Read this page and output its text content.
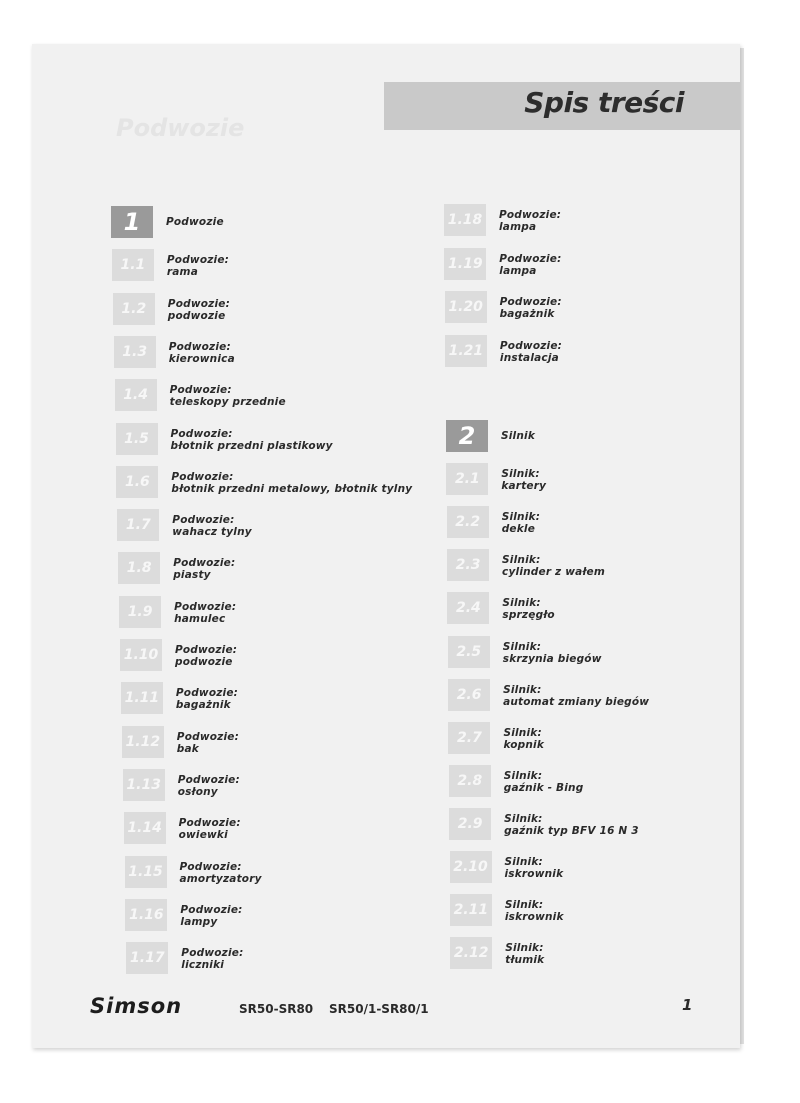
Podwozie
Spis treści
1	Podwozie
1.1	Podwozie:
rama
1.2	Podwozie:
podwozie
1.3	Podwozie:
kierownica
1.4	Podwozie:
teleskopy przednie
1.5	Podwozie:
błotnik przedni plastikowy
1.6	Podwozie:
błotnik przedni metalowy, błotnik tylny
1.7	Podwozie:
wahacz tylny
1.8	Podwozie:
piasty
1.9	Podwozie:
hamulec
1.10	Podwozie:
podwozie
1.11	Podwozie:
bagażnik
1.12	Podwozie:
bak
1.13	Podwozie:
osłony
1.14	Podwozie:
owiewki
1.15	Podwozie:
amortyzatory
1.16	Podwozie:
lampy
1.17	Podwozie:
liczniki
1.18	Podwozie:
lampa
1.19	Podwozie:
lampa
1.20	Podwozie:
bagażnik
1.21	Podwozie:
instalacja
2	Silnik
2.1	Silnik:
kartery
2.2	Silnik:
dekle
2.3	Silnik:
cylinder z wałem
2.4	Silnik:
sprzęgło
2.5	Silnik:
skrzynia biegów
2.6	Silnik:
automat zmiany biegów
2.7	Silnik:
kopnik
2.8	Silnik:
gaźnik - Bing
2.9	Silnik:
gaźnik typ BFV 16 N 3
2.10	Silnik:
iskrownik
2.11	Silnik:
iskrownik
2.12	Silnik:
tłumik
Simson	SR50-SR80 SR50/1-SR80/1	1
